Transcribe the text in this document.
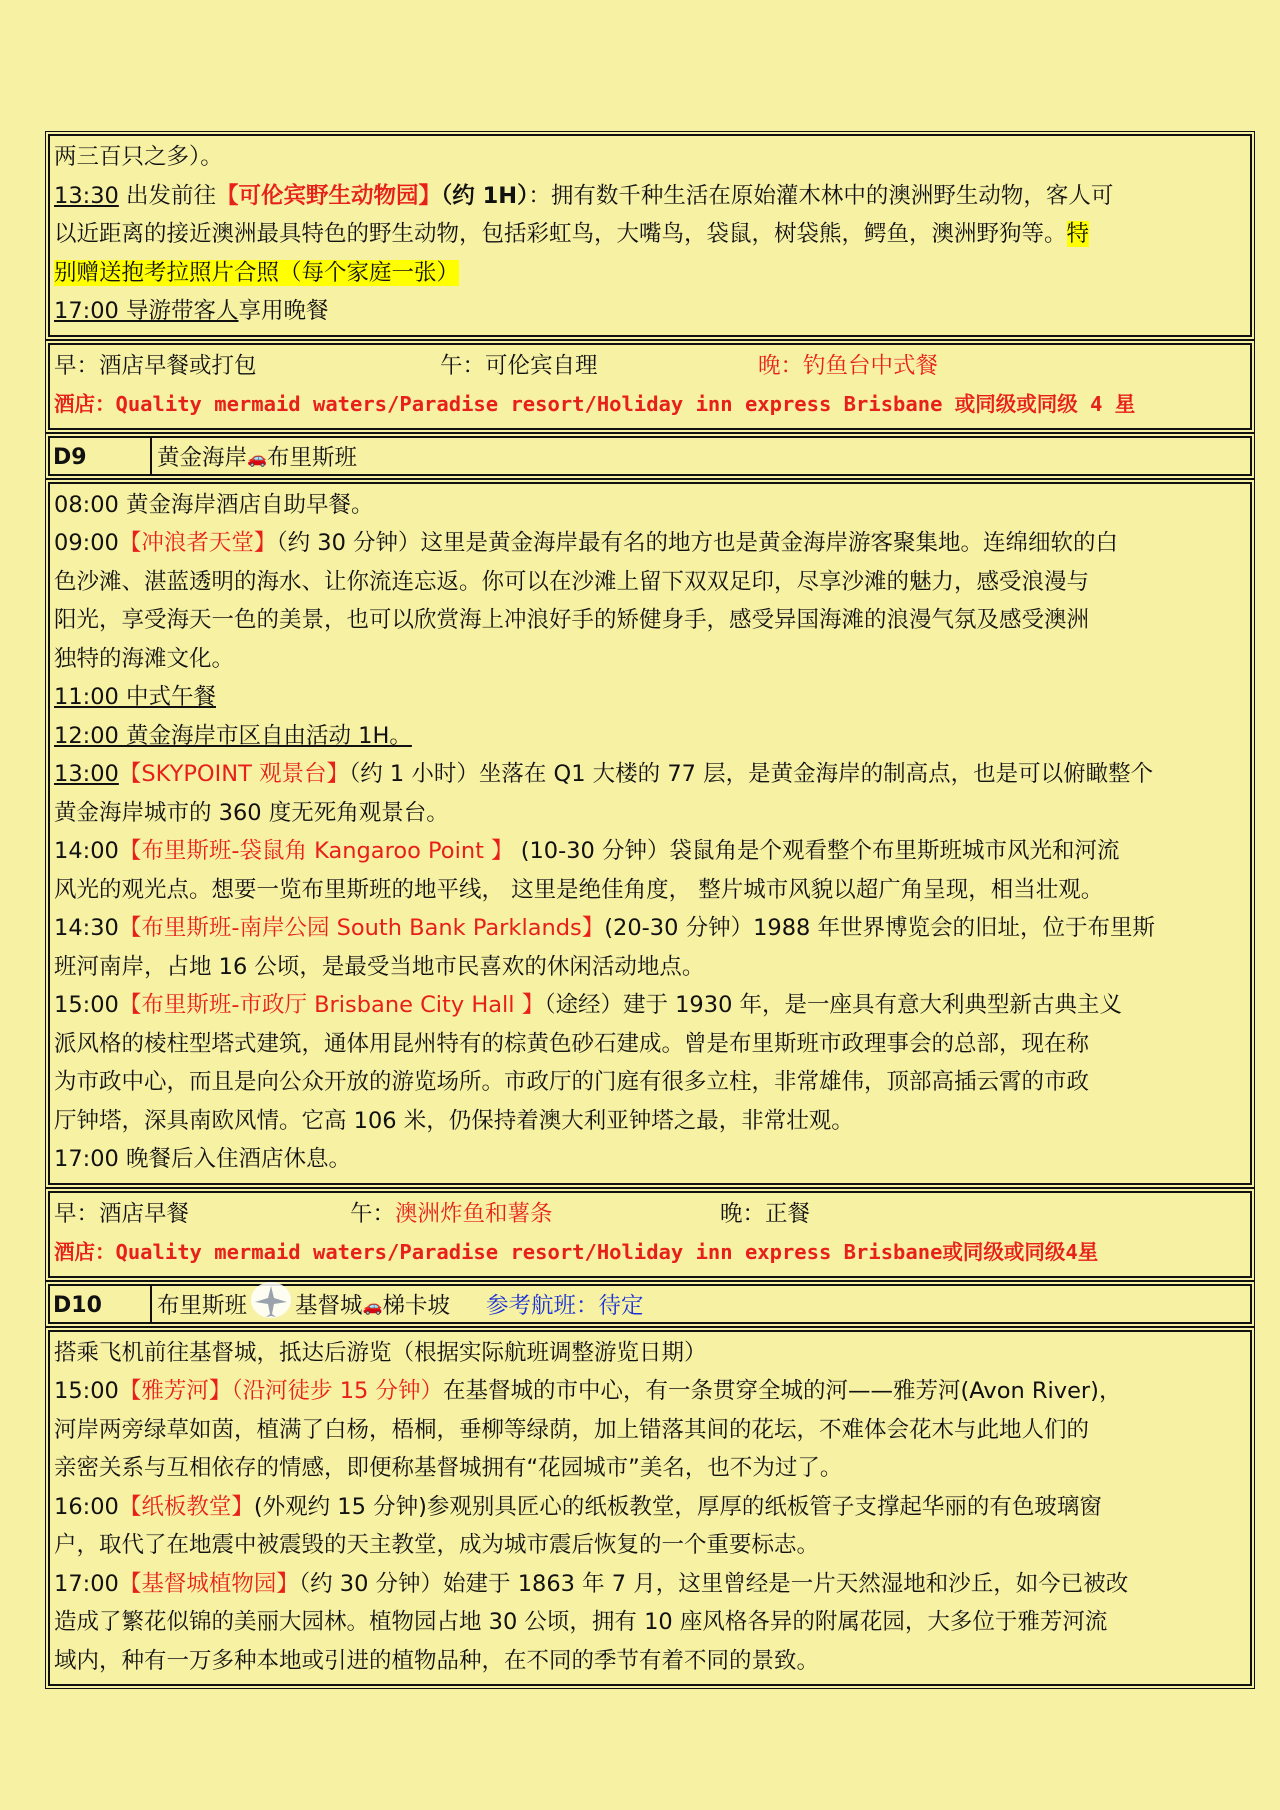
两三百只之多）。
13:30 出发前往【可伦宾野生动物园】（约 1H）：拥有数千种生活在原始灌木林中的澳洲野生动物，客人可
以近距离的接近澳洲最具特色的野生动物，包括彩虹鸟，大嘴鸟，袋鼠，树袋熊，鳄鱼，澳洲野狗等。特
别赠送抱考拉照片合照（每个家庭一张）
17:00 导游带客人享用晚餐
早：酒店早餐或打包	午：可伦宾自理	晚：钓鱼台中式餐
酒店：Quality mermaid waters/Paradise resort/Holiday inn express Brisbane 或同级或同级 4 星
D9	黄金海岸🚗布里斯班
08:00 黄金海岸酒店自助早餐。
09:00【冲浪者天堂】（约 30 分钟）这里是黄金海岸最有名的地方也是黄金海岸游客聚集地。连绵细软的白
色沙滩、湛蓝透明的海水、让你流连忘返。你可以在沙滩上留下双双足印，尽享沙滩的魅力，感受浪漫与
阳光，享受海天一色的美景，也可以欣赏海上冲浪好手的矫健身手，感受异国海滩的浪漫气氛及感受澳洲
独特的海滩文化。
11:00 中式午餐
12:00 黄金海岸市区自由活动 1H。
13:00【SKYPOINT 观景台】（约 1 小时）坐落在 Q1 大楼的 77 层，是黄金海岸的制高点，也是可以俯瞰整个
黄金海岸城市的 360 度无死角观景台。
14:00【布里斯班-袋鼠角 Kangaroo Point 】 (10-30 分钟）袋鼠角是个观看整个布里斯班城市风光和河流
风光的观光点。想要一览布里斯班的地平线， 这里是绝佳角度， 整片城市风貌以超广角呈现，相当壮观。
14:30【布里斯班-南岸公园 South Bank Parklands】(20-30 分钟）1988 年世界博览会的旧址，位于布里斯
班河南岸，占地 16 公顷，是最受当地市民喜欢的休闲活动地点。
15:00【布里斯班-市政厅 Brisbane City Hall 】（途经）建于 1930 年，是一座具有意大利典型新古典主义
派风格的棱柱型塔式建筑，通体用昆州特有的棕黄色砂石建成。曾是布里斯班市政理事会的总部，现在称
为市政中心，而且是向公众开放的游览场所。市政厅的门庭有很多立柱，非常雄伟，顶部高插云霄的市政
厅钟塔，深具南欧风情。它高 106 米，仍保持着澳大利亚钟塔之最，非常壮观。
17:00 晚餐后入住酒店休息。
早：酒店早餐	午：澳洲炸鱼和薯条	晚：正餐
酒店：Quality mermaid waters/Paradise resort/Holiday inn express Brisbane或同级或同级4星
D10	布里斯班 基督城🚗梯卡坡 参考航班：待定
搭乘飞机前往基督城，抵达后游览（根据实际航班调整游览日期）
15:00【雅芳河】（沿河徒步 15 分钟）在基督城的市中心，有一条贯穿全城的河——雅芳河(Avon River)，
河岸两旁绿草如茵，植满了白杨，梧桐，垂柳等绿荫，加上错落其间的花坛，不难体会花木与此地人们的
亲密关系与互相依存的情感，即便称基督城拥有“花园城市”美名，也不为过了。
16:00【纸板教堂】(外观约 15 分钟)参观别具匠心的纸板教堂，厚厚的纸板管子支撑起华丽的有色玻璃窗
户，取代了在地震中被震毁的天主教堂，成为城市震后恢复的一个重要标志。
17:00【基督城植物园】（约 30 分钟）始建于 1863 年 7 月，这里曾经是一片天然湿地和沙丘，如今已被改
造成了繁花似锦的美丽大园林。植物园占地 30 公顷，拥有 10 座风格各异的附属花园，大多位于雅芳河流
域内，种有一万多种本地或引进的植物品种，在不同的季节有着不同的景致。
